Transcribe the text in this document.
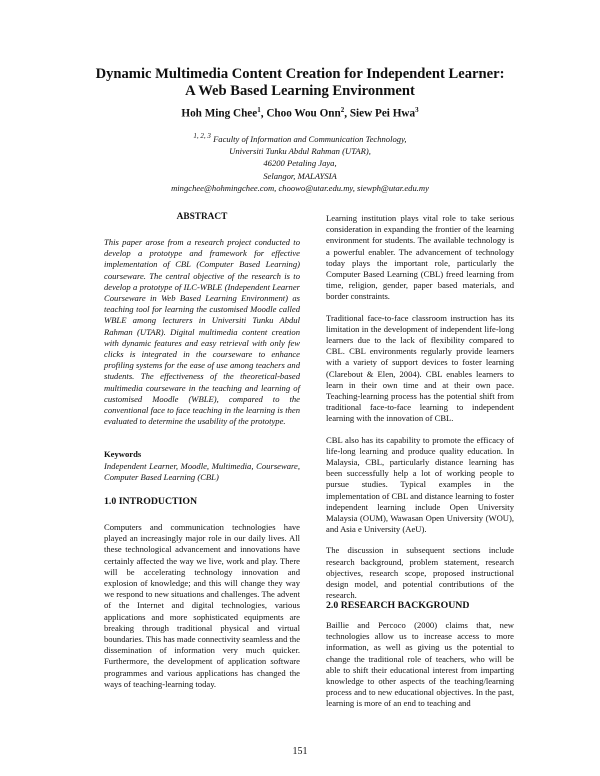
Dynamic Multimedia Content Creation for Independent Learner:
A Web Based Learning Environment
Hoh Ming Chee$^1$, Choo Wou Onn$^2$, Siew Pei Hwa$^3$
$^{1, 2, 3}$ Faculty of Information and Communication Technology,
Universiti Tunku Abdul Rahman (UTAR),
46200 Petaling Jaya,
Selangor, MALAYSIA
mingchee@hohmingchee.com, choowo@utar.edu.my, siewph@utar.edu.my
ABSTRACT
This paper arose from a research project conducted to develop a prototype and framework for effective implementation of CBL (Computer Based Learning) courseware. The central objective of the research is to develop a prototype of ILC-WBLE (Independent Learner Courseware in Web Based Learning Environment) as teaching tool for learning the customised Moodle called WBLE among lecturers in Universiti Tunku Abdul Rahman (UTAR). Digital multimedia content creation with dynamic features and easy retrieval with only few clicks is integrated in the courseware to enhance profiling systems for the ease of use among teachers and students. The effectiveness of the theoretical-based multimedia courseware in the teaching and learning of customised Moodle (WBLE), compared to the conventional face to face teaching in the learning is then evaluated to determine the usability of the prototype.
Keywords
Independent Learner, Moodle, Multimedia, Courseware, Computer Based Learning (CBL)
1.0 INTRODUCTION
Computers and communication technologies have played an increasingly major role in our daily lives. All these technological advancement and innovations have certainly affected the way we live, work and play. There will be accelerating technology innovation and explosion of knowledge; and this will change they way we respond to new situations and challenges. The advent of the Internet and digital technologies, various applications and more sophisticated equipments are breaking through traditional physical and virtual boundaries. This has made connectivity seamless and the dissemination of information very much quicker. Furthermore, the development of application software programmes and various applications has changed the ways of teaching-learning today.

Learning institution plays vital role to take serious consideration in expanding the frontier of the learning environment for students. The available technology is a powerful enabler. The advancement of technology today plays the important role, particularly the Computer Based Learning (CBL) freed learning from time, religion, gender, paper based materials, and border constraints.

Traditional face-to-face classroom instruction has its limitation in the development of independent life-long learners due to the lack of flexibility compared to CBL. CBL environments regularly provide learners with a variety of support devices to foster learning (Clarebout & Elen, 2004). CBL enables learners to learn in their own time and at their own pace. Teaching-learning process has the potential shift from traditional face-to-face learning to independent learning with the innovation of CBL.

CBL also has its capability to promote the efficacy of life-long learning and produce quality education. In Malaysia, CBL, particularly distance learning has been successfully help a lot of working people to pursue studies. Typical examples in the implementation of CBL and distance learning to foster independent learning include Open University Malaysia (OUM), Wawasan Open University (WOU), and Asia e University (AeU).

The discussion in subsequent sections include research background, problem statement, research objectives, research scope, proposed instructional design model, and potential contributions of the research.

2.0 RESEARCH BACKGROUND
Baillie and Percoco (2000) claims that, new technologies allow us to increase access to more information, as well as giving us the potential to change the traditional role of teachers, who will be able to shift their educational interest from imparting knowledge to other aspects of the teaching/learning process and to new educational objectives. In the past, learning is more of an end to teaching and
151
